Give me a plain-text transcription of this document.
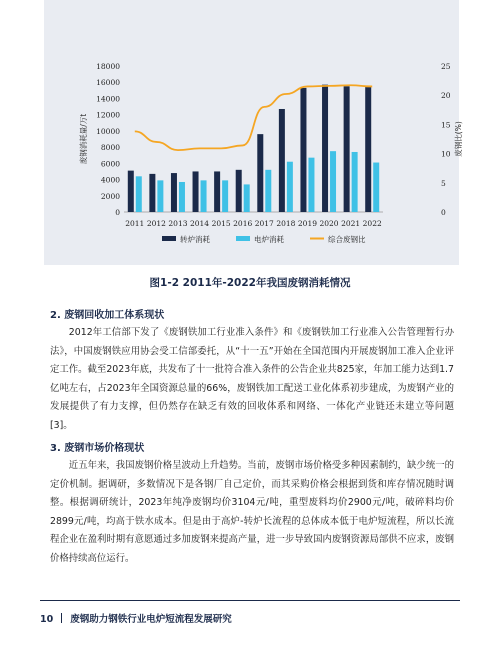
0
2000
4000
6000
8000
10000
12000
14000
16000
18000
0
5
10
15
20
25
废钢消耗量/万t	废钢比(%)
2011 2012 2013 2014 2015 2016 2017 2018 2019 2020 2021 2022
转炉消耗	电炉消耗	综合废钢比
图1-2 2011年-2022年我国废钢消耗情况
2. 废钢回收加工体系现状

2012年工信部下发了《废钢铁加工行业准入条件》和《废钢铁加工行业准入公告管理暂行办法》，中国废钢铁应用协会受工信部委托，从“十一五”开始在全国范围内开展废钢加工准入企业评定工作。截至2023年底，共发布了十一批符合准入条件的公告企业共825家，年加工能力达到1.7亿吨左右，占2023年全国资源总量的66%，废钢铁加工配送工业化体系初步建成，为废钢产业的发展提供了有力支撑，但仍然存在缺乏有效的回收体系和网络、一体化产业链还未建立等问题[3]。

3. 废钢市场价格现状

近五年来，我国废钢价格呈波动上升趋势。当前，废钢市场价格受多种因素制约，缺少统一的定价机制。据调研，多数情况下是各钢厂自己定价，而其采购价格会根据到货和库存情况随时调整。根据调研统计，2023年纯净废钢均价3104元/吨，重型废料均价2900元/吨，破碎料均价2899元/吨，均高于铁水成本。但是由于高炉-转炉长流程的总体成本低于电炉短流程，所以长流程企业在盈利时期有意愿通过多加废钢来提高产量，进一步导致国内废钢资源局部供不应求，废钢价格持续高位运行。

10 废钢助力钢铁行业电炉短流程发展研究
